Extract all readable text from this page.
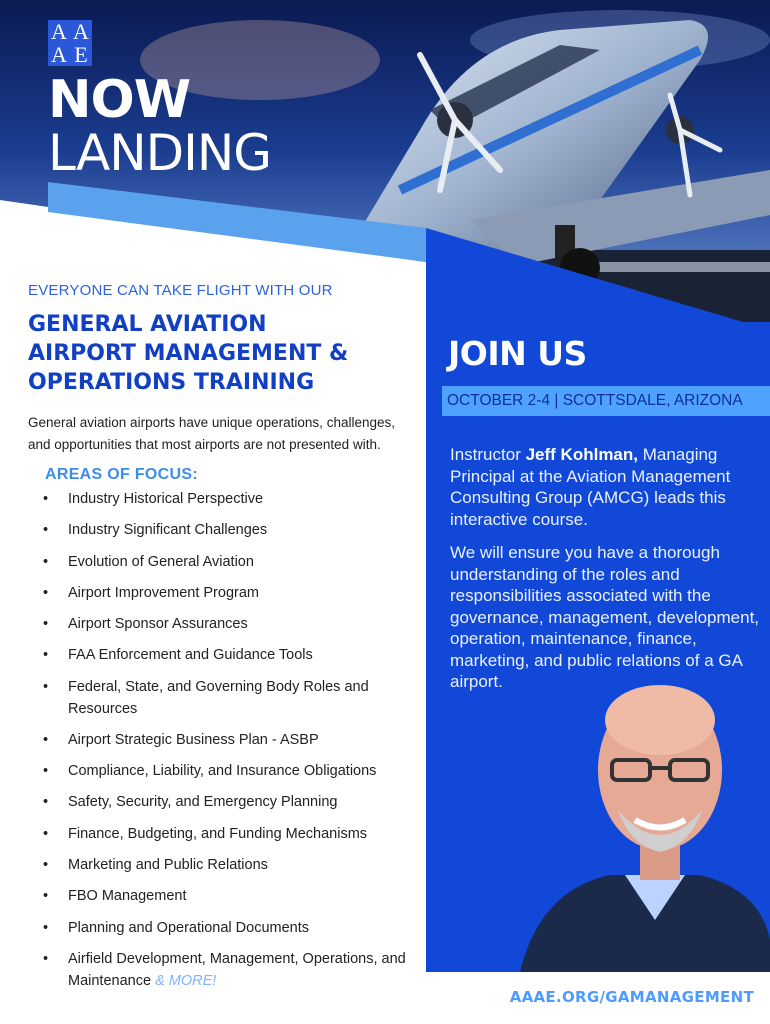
A A
A E
NOW
LANDING

EVERYONE CAN TAKE FLIGHT WITH OUR

GENERAL AVIATION
AIRPORT MANAGEMENT &
OPERATIONS TRAINING

General aviation airports have unique operations, challenges, and opportunities that most airports are not presented with.

AREAS OF FOCUS:
• Industry Historical Perspective
• Industry Significant Challenges
• Evolution of General Aviation
• Airport Improvement Program
• Airport Sponsor Assurances
• FAA Enforcement and Guidance Tools
• Federal, State, and Governing Body Roles and Resources
• Airport Strategic Business Plan - ASBP
• Compliance, Liability, and Insurance Obligations
• Safety, Security, and Emergency Planning
• Finance, Budgeting, and Funding Mechanisms
• Marketing and Public Relations
• FBO Management
• Planning and Operational Documents
• Airfield Development, Management, Operations, and Maintenance & MORE!
JOIN US
OCTOBER 2-4 | SCOTTSDALE, ARIZONA
Instructor Jeff Kohlman, Managing Principal at the Aviation Management Consulting Group (AMCG) leads this interactive course.
We will ensure you have a thorough understanding of the roles and responsibilities associated with the governance, management, development, operation, maintenance, finance, marketing, and public relations of a GA airport.
AAAE.ORG/GAMANAGEMENT
